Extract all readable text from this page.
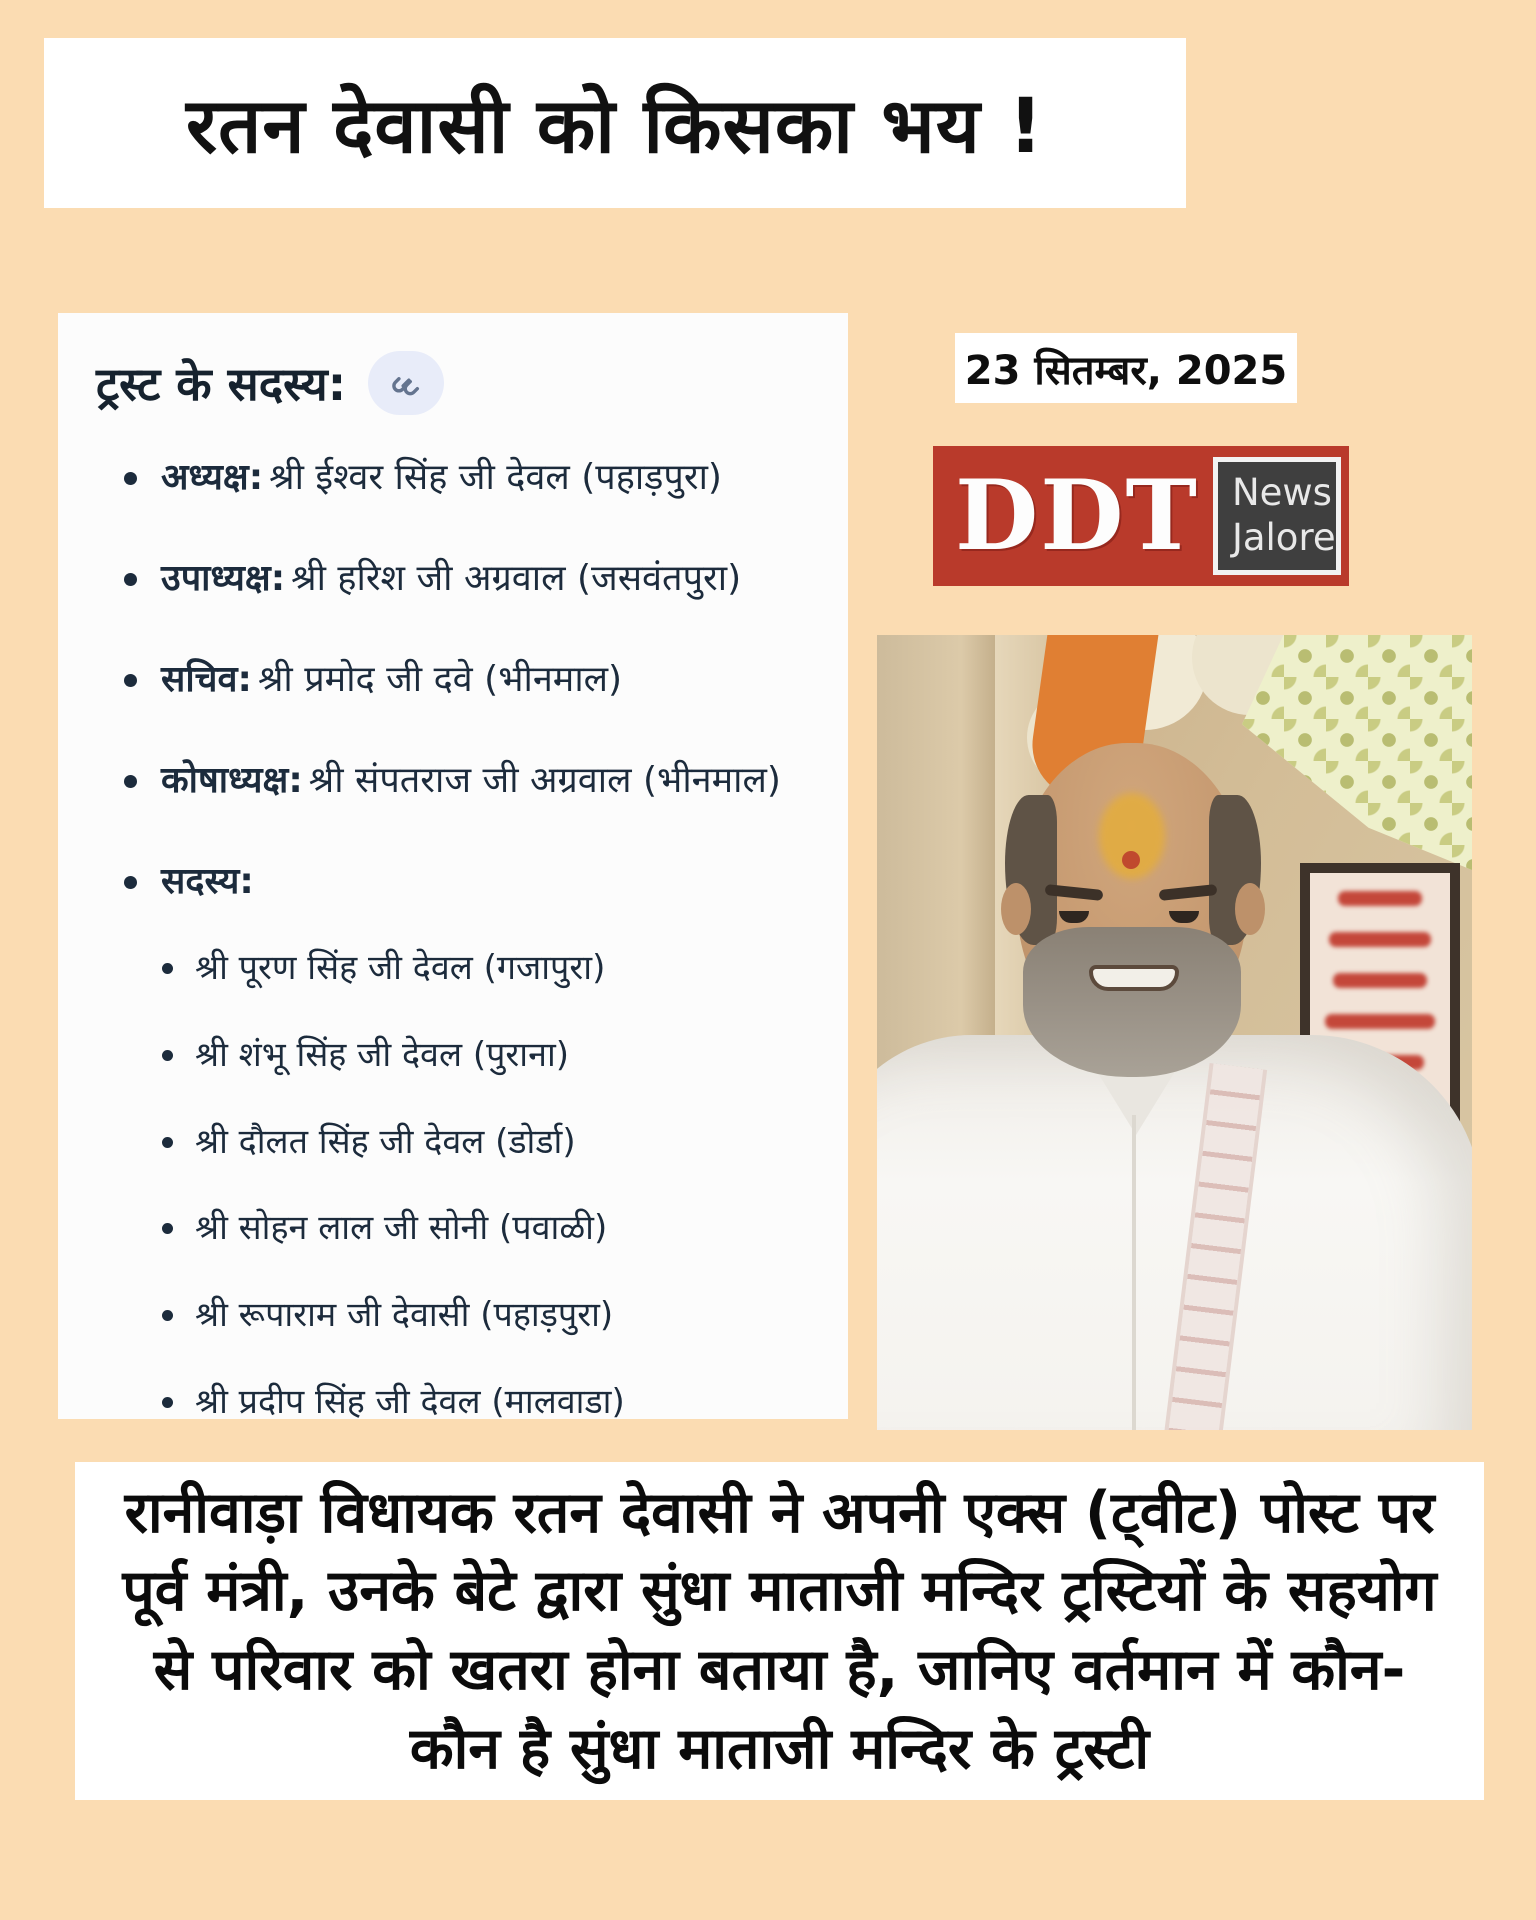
रतन देवासी को किसका भय !
ट्रस्ट के सदस्य:
अध्यक्ष: श्री ईश्वर सिंह जी देवल (पहाड़पुरा)
उपाध्यक्ष: श्री हरिश जी अग्रवाल (जसवंतपुरा)
सचिव: श्री प्रमोद जी दवे (भीनमाल)
कोषाध्यक्ष: श्री संपतराज जी अग्रवाल (भीनमाल)
सदस्य:
श्री पूरण सिंह जी देवल (गजापुरा)
श्री शंभू सिंह जी देवल (पुराना)
श्री दौलत सिंह जी देवल (डोर्डा)
श्री सोहन लाल जी सोनी (पवाळी)
श्री रूपाराम जी देवासी (पहाड़पुरा)
श्री प्रदीप सिंह जी देवल (मालवाडा)
23 सितम्बर, 2025
DDT News
Jalore

रानीवाड़ा विधायक रतन देवासी ने अपनी एक्स (ट्वीट) पोस्ट पर पूर्व मंत्री, उनके बेटे द्वारा सुंधा माताजी मन्दिर ट्रस्टियों के सहयोग से परिवार को खतरा होना बताया है, जानिए वर्तमान में कौन-कौन है सुंधा माताजी मन्दिर के ट्रस्टी
